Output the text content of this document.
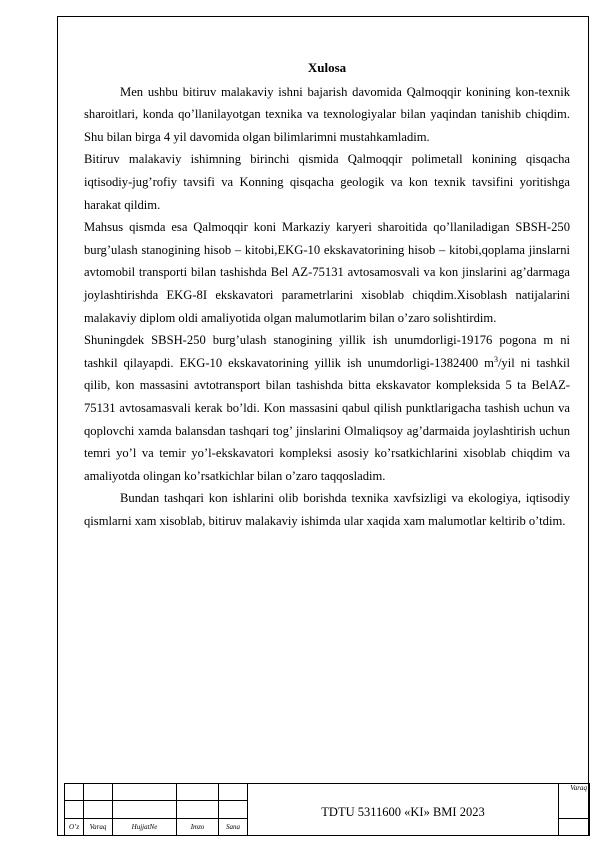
Xulosa

Men ushbu bitiruv malakaviy ishni bajarish davomida Qalmoqqir konining kon-texnik sharoitlari, konda qo’llanilayotgan texnika va texnologiyalar bilan yaqindan tanishib chiqdim. Shu bilan birga 4 yil davomida olgan bilimlarimni mustahkamladim.

Bitiruv malakaviy ishimning birinchi qismida Qalmoqqir polimetall konining qisqacha iqtisodiy-jug’rofiy tavsifi va Konning qisqacha geologik va kon texnik tavsifini yoritishga harakat qildim.

Mahsus qismda esa Qalmoqqir koni Markaziy karyeri sharoitida qo’llaniladigan SBSH-250 burg’ulash stanogining hisob – kitobi,EKG-10 ekskavatorining hisob – kitobi,qoplama jinslarni avtomobil transporti bilan tashishda Bel AZ-75131 avtosamosvali va kon jinslarini ag’darmaga joylashtirishda EKG-8I ekskavatori parametrlarini xisoblab chiqdim.Xisoblash natijalarini malakaviy diplom oldi amaliyotida olgan malumotlarim bilan o’zaro solishtirdim.

Shuningdek SBSH-250 burg’ulash stanogining yillik ish unumdorligi-19176 pogona m ni tashkil qilayapdi. EKG-10 ekskavatorining yillik ish unumdorligi-1382400 $m^3$/yil ni tashkil qilib, kon massasini avtotransport bilan tashishda bitta ekskavator kompleksida 5 ta BelAZ-75131 avtosamasvali kerak bo’ldi. Kon massasini qabul qilish punktlarigacha tashish uchun va qoplovchi xamda balansdan tashqari tog’ jinslarini Olmaliqsoy ag’darmaida joylashtirish uchun temri yo’l va temir yo’l-ekskavatori kompleksi asosiy ko’rsatkichlarini xisoblab chiqdim va amaliyotda olingan ko’rsatkichlar bilan o’zaro taqqosladim.

Bundan tashqari kon ishlarini olib borishda texnika xavfsizligi va ekologiya, iqtisodiy qismlarni xam xisoblab, bitiruv malakaviy ishimda ular xaqida xam malumotlar keltirib o’tdim.

					TDTU 5311600 «KI» BMI 2023	Varaq

O’z	Varaq	HujjatNe	Imzo	Sana		
